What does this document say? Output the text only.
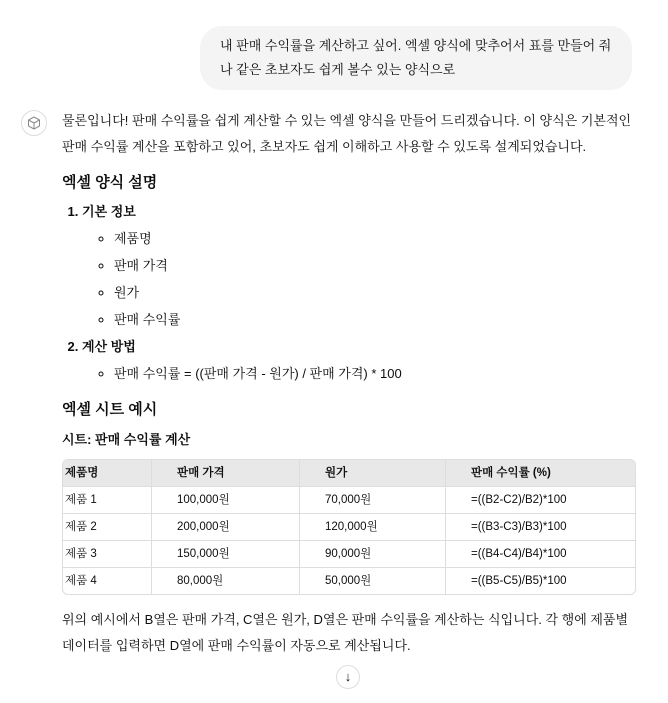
내 판매 수익률을 계산하고 싶어. 엑셀 양식에 맞추어서 표를 만들어 줘 나 같은 초보자도 쉽게 볼수 있는 양식으로

물론입니다! 판매 수익률을 쉽게 계산할 수 있는 엑셀 양식을 만들어 드리겠습니다. 이 양식은 기본적인 판매 수익률 계산을 포함하고 있어, 초보자도 쉽게 이해하고 사용할 수 있도록 설계되었습니다.

엑셀 양식 설명
1. 기본 정보
◦ 제품명
◦ 판매 가격
◦ 원가
◦ 판매 수익률
2. 계산 방법
◦ 판매 수익률 = ((판매 가격 - 원가) / 판매 가격) * 100
엑셀 시트 예시
시트: 판매 수익률 계산
제품명	판매 가격	원가	판매 수익률 (%)
제품 1	100,000원	70,000원	=((B2-C2)/B2)*100
제품 2	200,000원	120,000원	=((B3-C3)/B3)*100
제품 3	150,000원	90,000원	=((B4-C4)/B4)*100
제품 4	80,000원	50,000원	=((B5-C5)/B5)*100

위의 예시에서 B열은 판매 가격, C열은 원가, D열은 판매 수익률을 계산하는 식입니다. 각 행에 제품별 데이터를 입력하면 D열에 판매 수익률이 자동으로 계산됩니다.

↓
